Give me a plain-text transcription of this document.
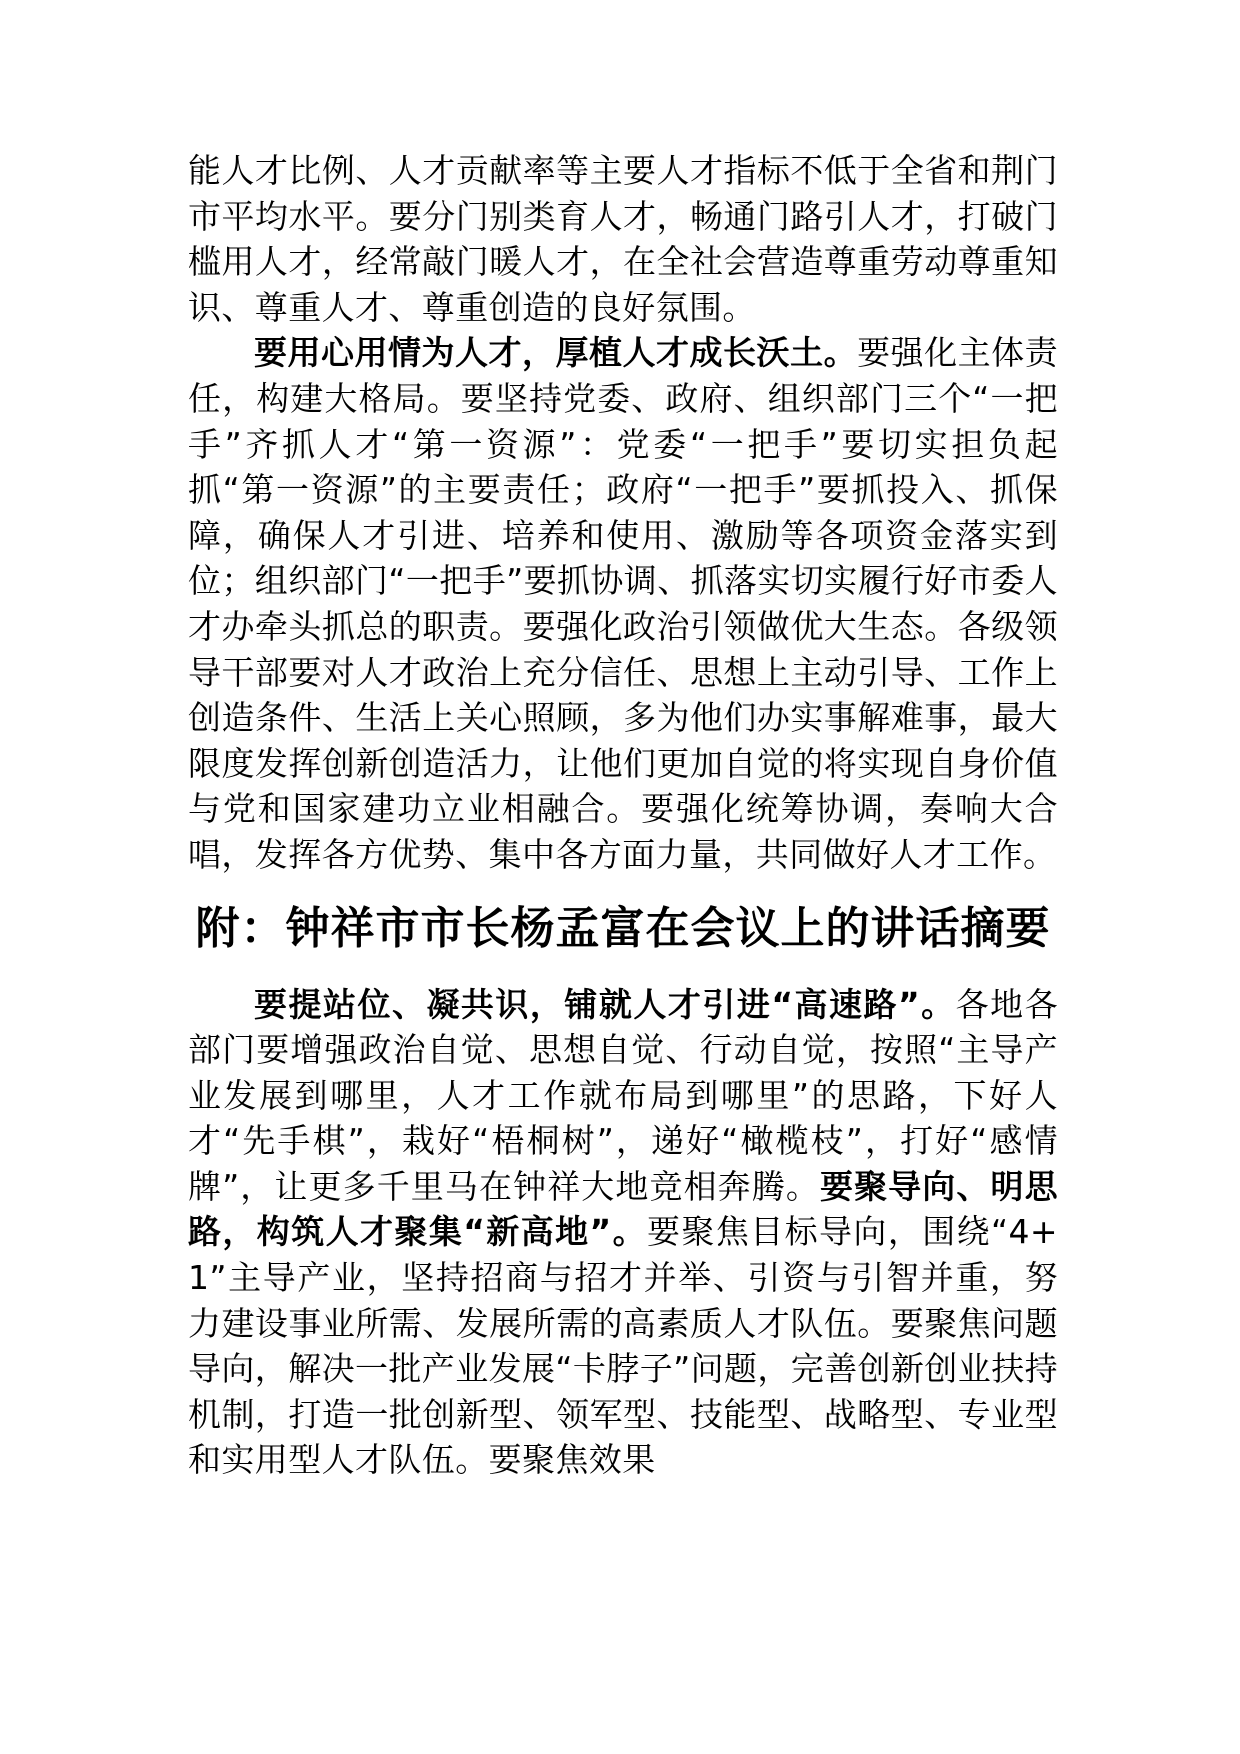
能人才比例、人才贡献率等主要人才指标不低于全省和荆门市平均水平。要分门别类育人才，畅通门路引人才，打破门槛用人才，经常敲门暖人才，在全社会营造尊重劳动尊重知识、尊重人才、尊重创造的良好氛围。

要用心用情为人才，厚植人才成长沃土。要强化主体责任，构建大格局。要坚持党委、政府、组织部门三个“一把手”齐抓人才“第一资源”：党委“一把手”要切实担负起抓“第一资源”的主要责任；政府“一把手”要抓投入、抓保障，确保人才引进、培养和使用、激励等各项资金落实到位；组织部门“一把手”要抓协调、抓落实切实履行好市委人才办牵头抓总的职责。要强化政治引领做优大生态。各级领导干部要对人才政治上充分信任、思想上主动引导、工作上创造条件、生活上关心照顾，多为他们办实事解难事，最大限度发挥创新创造活力，让他们更加自觉的将实现自身价值与党和国家建功立业相融合。要强化统筹协调，奏响大合唱，发挥各方优势、集中各方面力量，共同做好人才工作。

附：钟祥市市长杨孟富在会议上的讲话摘要

要提站位、凝共识，铺就人才引进“高速路”。各地各部门要增强政治自觉、思想自觉、行动自觉，按照“主导产业发展到哪里，人才工作就布局到哪里”的思路，下好人才“先手棋”，栽好“梧桐树”，递好“橄榄枝”，打好“感情牌”，让更多千里马在钟祥大地竞相奔腾。要聚导向、明思路，构筑人才聚集“新高地”。要聚焦目标导向，围绕“4+1”主导产业，坚持招商与招才并举、引资与引智并重，努力建设事业所需、发展所需的高素质人才队伍。要聚焦问题导向，解决一批产业发展“卡脖子”问题，完善创新创业扶持机制，打造一批创新型、领军型、技能型、战略型、专业型和实用型人才队伍。要聚焦效果
